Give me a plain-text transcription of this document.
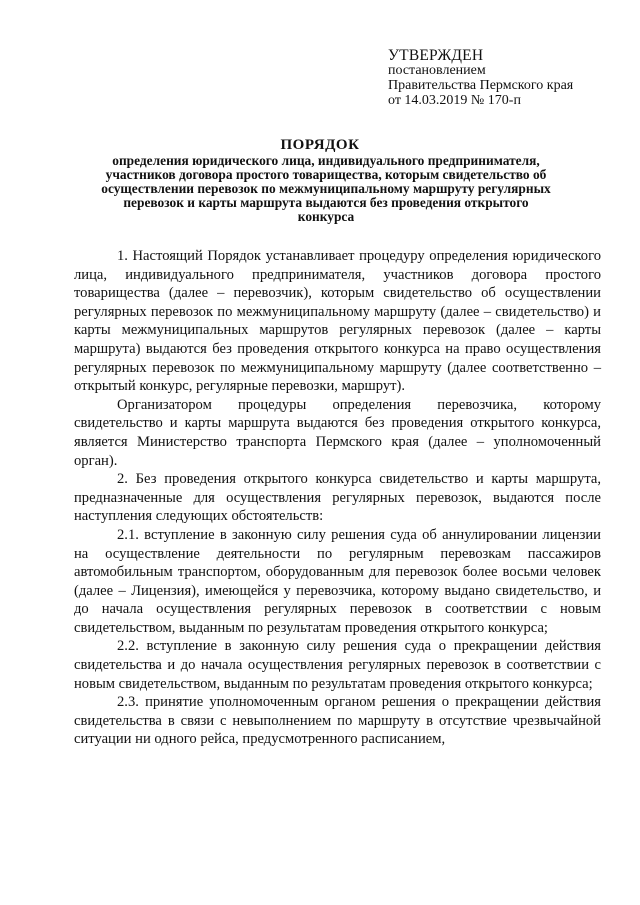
УТВЕРЖДЕН
постановлением
Правительства Пермского края
от 14.03.2019 № 170-п
ПОРЯДОК
определения юридического лица, индивидуального предпринимателя, участников договора простого товарищества, которым свидетельство об осуществлении перевозок по межмуниципальному маршруту регулярных перевозок и карты маршрута выдаются без проведения открытого конкурса

1. Настоящий Порядок устанавливает процедуру определения юридического лица, индивидуального предпринимателя, участников договора простого товарищества (далее – перевозчик), которым свидетельство об осуществлении регулярных перевозок по межмуниципальному маршруту (далее – свидетельство) и карты межмуниципальных маршрутов регулярных перевозок (далее – карты маршрута) выдаются без проведения открытого конкурса на право осуществления регулярных перевозок по межмуниципальному маршруту (далее соответственно – открытый конкурс, регулярные перевозки, маршрут).

Организатором процедуры определения перевозчика, которому свидетельство и карты маршрута выдаются без проведения открытого конкурса, является Министерство транспорта Пермского края (далее – уполномоченный орган).

2. Без проведения открытого конкурса свидетельство и карты маршрута, предназначенные для осуществления регулярных перевозок, выдаются после наступления следующих обстоятельств:

2.1. вступление в законную силу решения суда об аннулировании лицензии на осуществление деятельности по регулярным перевозкам пассажиров автомобильным транспортом, оборудованным для перевозок более восьми человек (далее – Лицензия), имеющейся у перевозчика, которому выдано свидетельство, и до начала осуществления регулярных перевозок в соответствии с новым свидетельством, выданным по результатам проведения открытого конкурса;

2.2. вступление в законную силу решения суда о прекращении действия свидетельства и до начала осуществления регулярных перевозок в соответствии с новым свидетельством, выданным по результатам проведения открытого конкурса;

2.3. принятие уполномоченным органом решения о прекращении действия свидетельства в связи с невыполнением по маршруту в отсутствие чрезвычайной ситуации ни одного рейса, предусмотренного расписанием,
